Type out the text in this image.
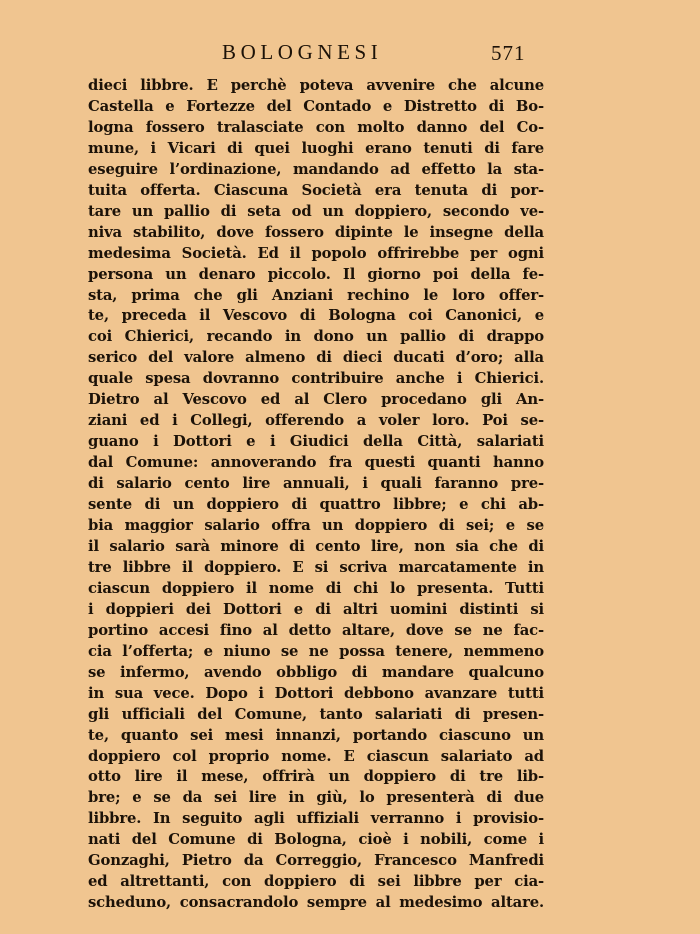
BOLOGNESI	571
dieci libbre. E perchè poteva avvenire che alcune
Castella e Fortezze del Contado e Distretto di Bo-
logna fossero tralasciate con molto danno del Co-
mune, i Vicari di quei luoghi erano tenuti di fare
eseguire l’ordinazione, mandando ad effetto la sta-
tuita offerta. Ciascuna Società era tenuta di por-
tare un pallio di seta od un doppiero, secondo ve-
niva stabilito, dove fossero dipinte le insegne della
medesima Società. Ed il popolo offrirebbe per ogni
persona un denaro piccolo. Il giorno poi della fe-
sta, prima che gli Anziani rechino le loro offer-
te, preceda il Vescovo di Bologna coi Canonici, e
coi Chierici, recando in dono un pallio di drappo
serico del valore almeno di dieci ducati d’oro; alla
quale spesa dovranno contribuire anche i Chierici.
Dietro al Vescovo ed al Clero procedano gli An-
ziani ed i Collegi, offerendo a voler loro. Poi se-
guano i Dottori e i Giudici della Città, salariati
dal Comune: annoverando fra questi quanti hanno
di salario cento lire annuali, i quali faranno pre-
sente di un doppiero di quattro libbre; e chi ab-
bia maggior salario offra un doppiero di sei; e se
il salario sarà minore di cento lire, non sia che di
tre libbre il doppiero. E si scriva marcatamente in
ciascun doppiero il nome di chi lo presenta. Tutti
i doppieri dei Dottori e di altri uomini distinti si
portino accesi fino al detto altare, dove se ne fac-
cia l’offerta; e niuno se ne possa tenere, nemmeno
se infermo, avendo obbligo di mandare qualcuno
in sua vece. Dopo i Dottori debbono avanzare tutti
gli ufficiali del Comune, tanto salariati di presen-
te, quanto sei mesi innanzi, portando ciascuno un
doppiero col proprio nome. E ciascun salariato ad
otto lire il mese, offrirà un doppiero di tre lib-
bre; e se da sei lire in giù, lo presenterà di due
libbre. In seguito agli uffiziali verranno i provisio-
nati del Comune di Bologna, cioè i nobili, come i
Gonzaghi, Pietro da Correggio, Francesco Manfredi
ed altrettanti, con doppiero di sei libbre per cia-
scheduno, consacrandolo sempre al medesimo altare.
